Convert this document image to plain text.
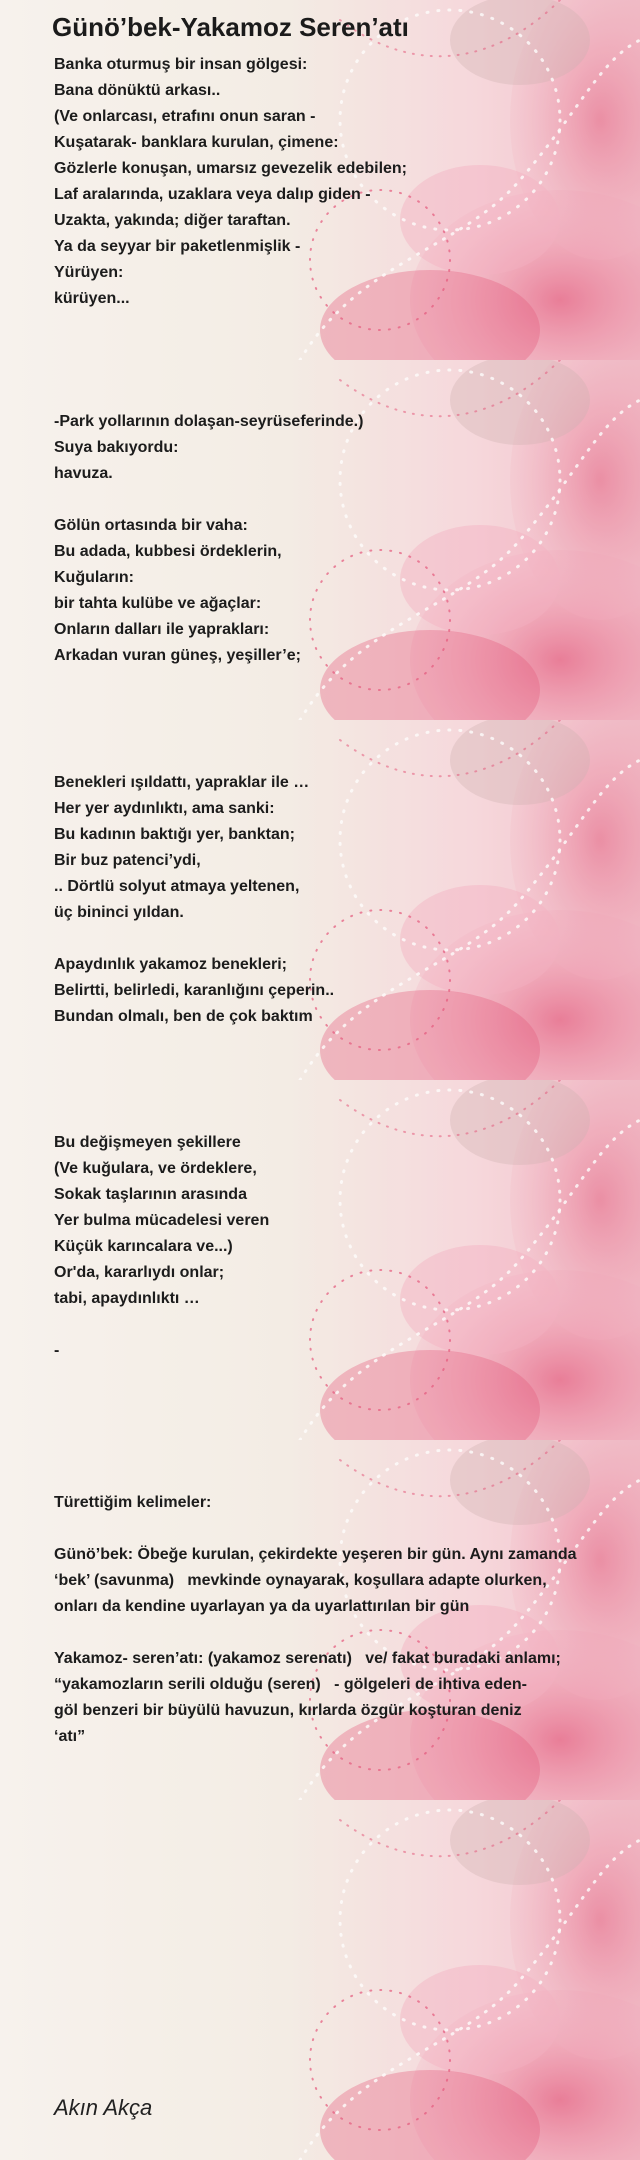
Günö’bek-Yakamoz Seren’atı
Banka oturmuş bir insan gölgesi:
Bana dönüktü arkası..
(Ve onlarcası, etrafını onun saran -
Kuşatarak- banklara kurulan, çimene:
Gözlerle konuşan, umarsız gevezelik edebilen;
Laf aralarında, uzaklara veya dalıp giden -
Uzakta, yakında; diğer taraftan.
Ya da seyyar bir paketlenmişlik -
Yürüyen:
kürüyen...
-Park yollarının dolaşan-seyrüseferinde.)
Suya bakıyordu:
havuza.
Gölün ortasında bir vaha:
Bu adada, kubbesi ördeklerin,
Kuğuların:
bir tahta kulübe ve ağaçlar:
Onların dalları ile yaprakları:
Arkadan vuran güneş, yeşiller’e;
Benekleri ışıldattı, yapraklar ile …
Her yer aydınlıktı, ama sanki:
Bu kadının baktığı yer, banktan;
Bir buz patenci’ydi,
.. Dörtlü solyut atmaya yeltenen,
üç bininci yıldan.
Apaydınlık yakamoz benekleri;
Belirtti, belirledi, karanlığını çeperin..
Bundan olmalı, ben de çok baktım
Bu değişmeyen şekillere
(Ve kuğulara, ve ördeklere,
Sokak taşlarının arasında
Yer bulma mücadelesi veren
Küçük karıncalara ve...)
Or'da, kararlıydı onlar;
tabi, apaydınlıktı …
-
Türettiğim kelimeler:
Günö’bek: Öbeğe kurulan, çekirdekte yeşeren bir gün. Aynı zamanda
‘bek’ (savunma)   mevkinde oynayarak, koşullara adapte olurken,
onları da kendine uyarlayan ya da uyarlattırılan bir gün
Yakamoz- seren’atı: (yakamoz serenatı)   ve/ fakat buradaki anlamı;
“yakamozların serili olduğu (seren)   - gölgeleri de ihtiva eden-
göl benzeri bir büyülü havuzun, kırlarda özgür koşturan deniz
‘atı”
Akın Akça
